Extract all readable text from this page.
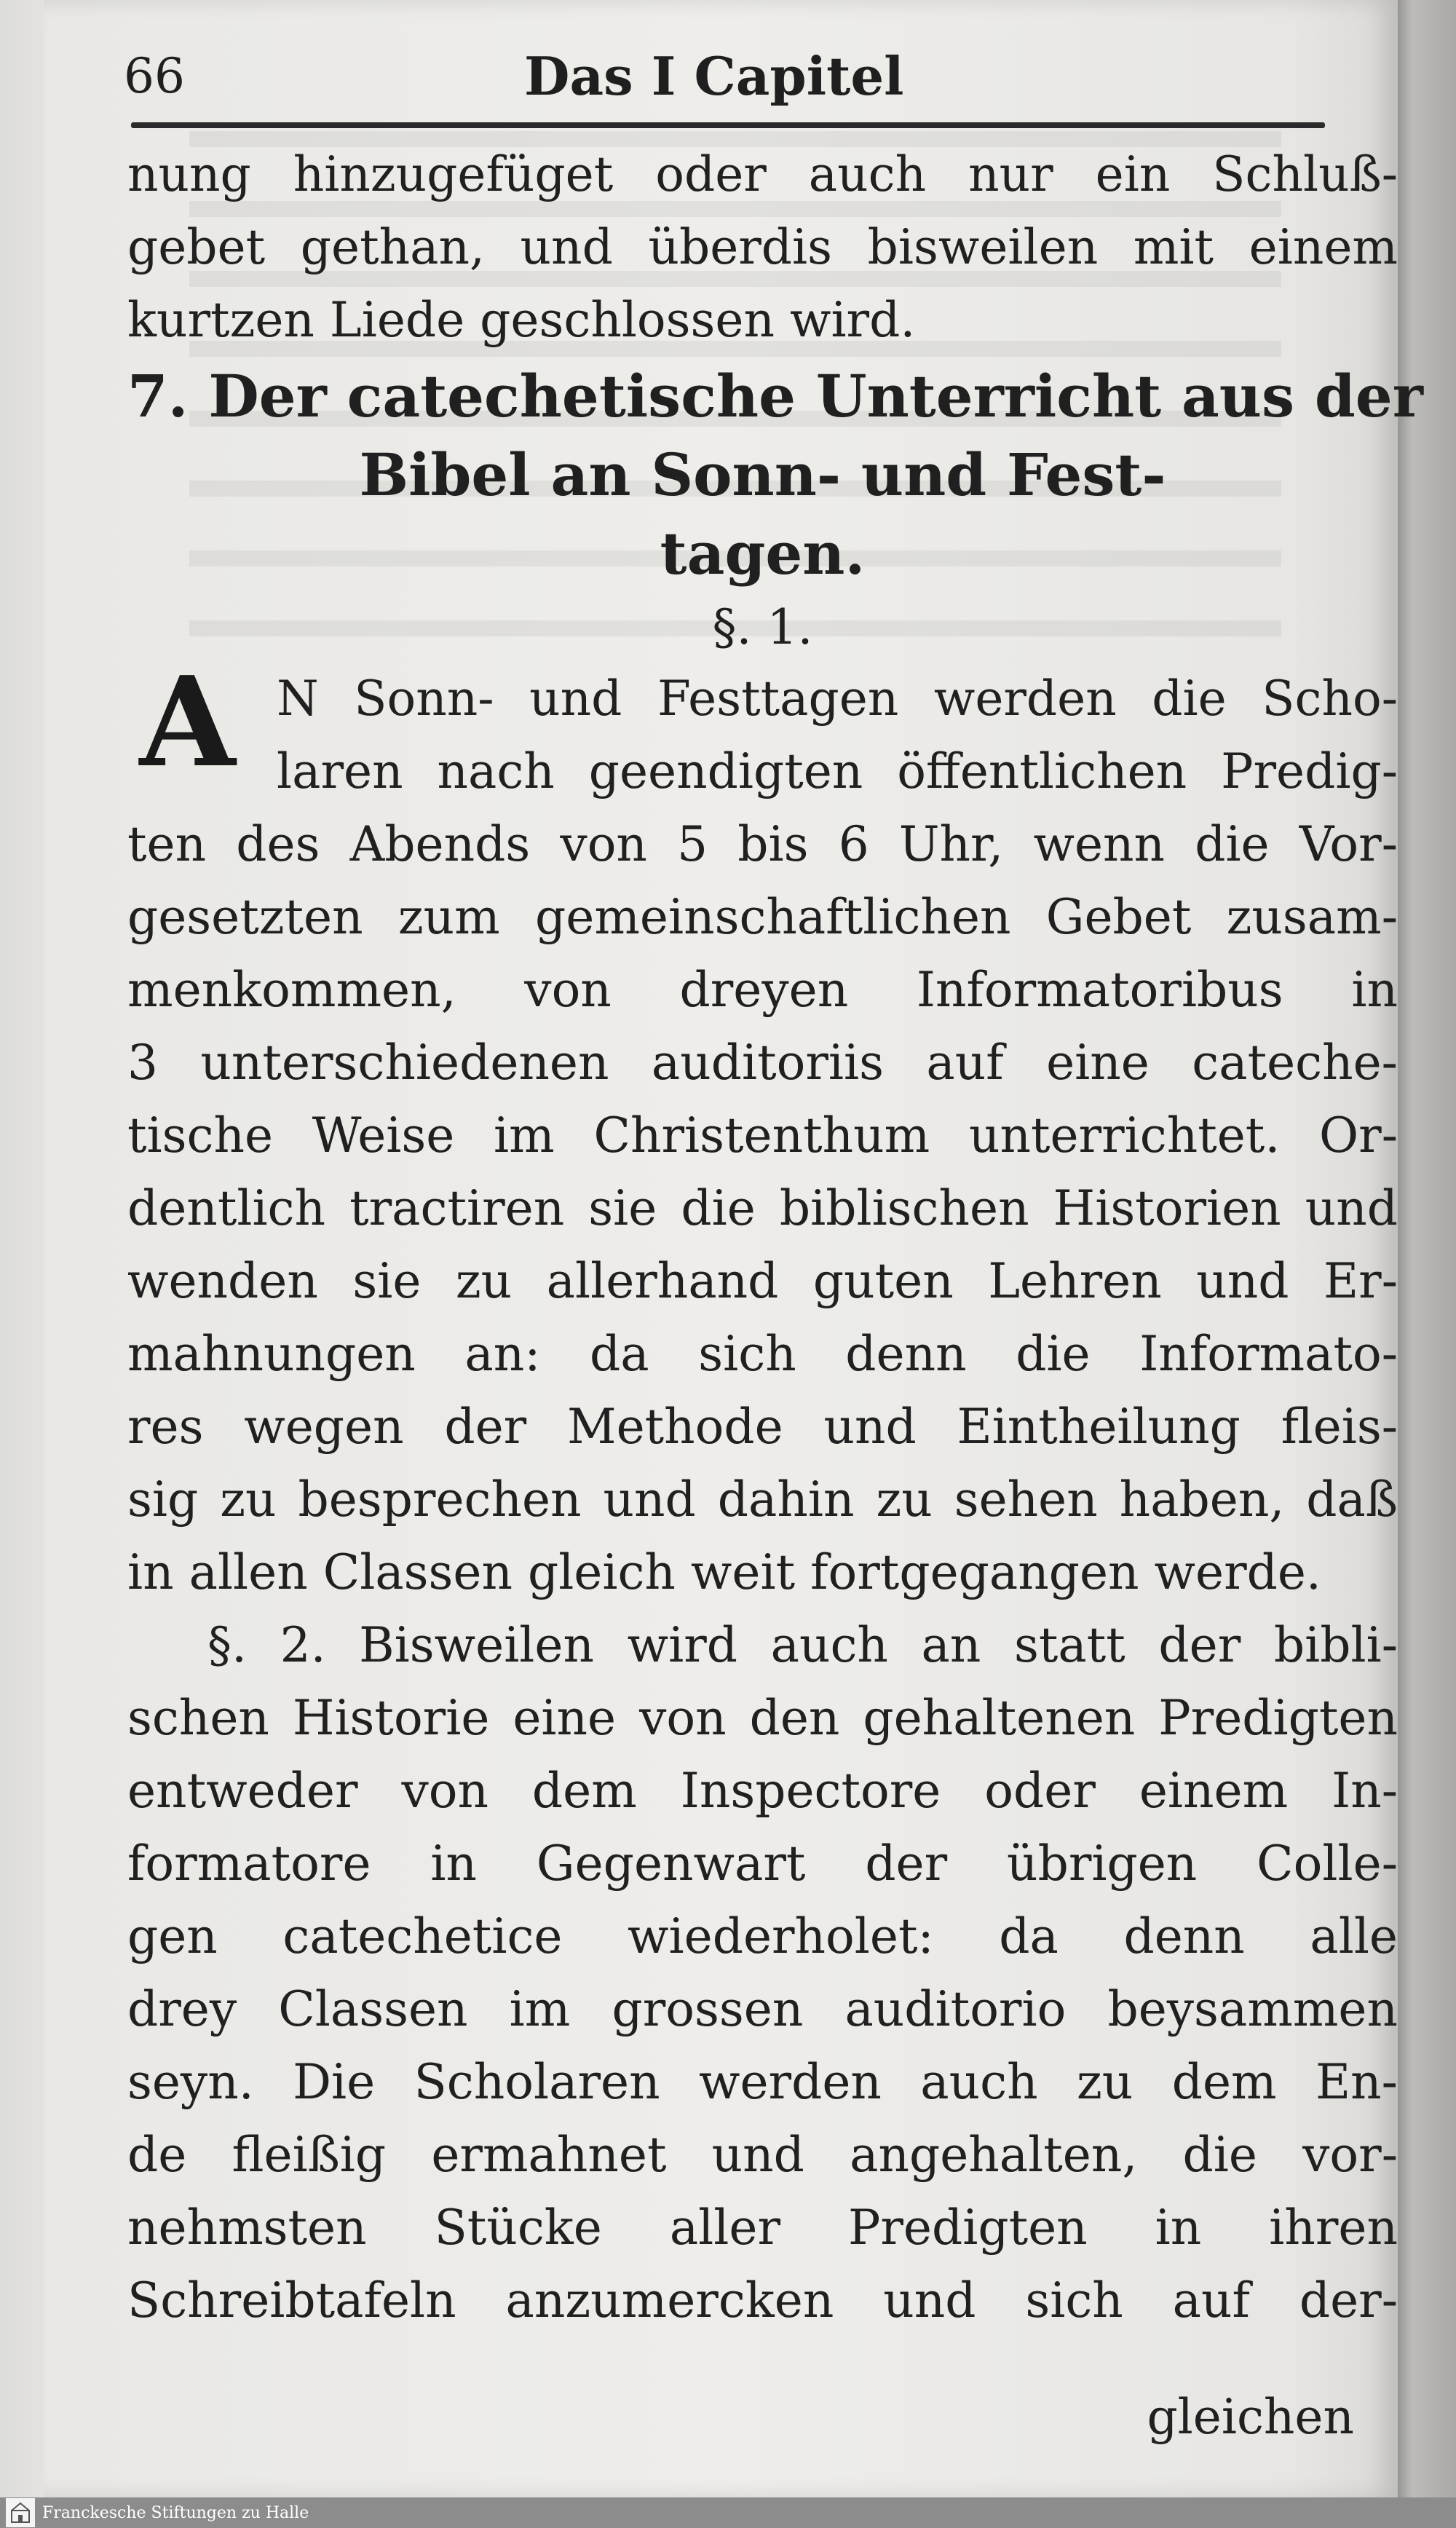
66	Das I Capitel
nung hinzugefüget oder auch nur ein Schluß-
gebet gethan, und überdis bisweilen mit einem
kurtzen Liede geschlossen wird.
7. Der catechetische Unterricht aus der
Bibel an Sonn- und Fest-
tagen.
§. 1.
A N Sonn- und Festtagen werden die Scho-
laren nach geendigten öffentlichen Predig-
ten des Abends von 5 bis 6 Uhr, wenn die Vor-
gesetzten zum gemeinschaftlichen Gebet zusam-
menkommen, von dreyen Informatoribus in
3 unterschiedenen auditoriis auf eine cateche-
tische Weise im Christenthum unterrichtet. Or-
dentlich tractiren sie die biblischen Historien und
wenden sie zu allerhand guten Lehren und Er-
mahnungen an: da sich denn die Informato-
res wegen der Methode und Eintheilung fleis-
sig zu besprechen und dahin zu sehen haben, daß
in allen Classen gleich weit fortgegangen werde.
§. 2. Bisweilen wird auch an statt der bibli-
schen Historie eine von den gehaltenen Predigten
entweder von dem Inspectore oder einem In-
formatore in Gegenwart der übrigen Colle-
gen catechetice wiederholet: da denn alle
drey Classen im grossen auditorio beysammen
seyn. Die Scholaren werden auch zu dem En-
de fleißig ermahnet und angehalten, die vor-
nehmsten Stücke aller Predigten in ihren
Schreibtafeln anzumercken und sich auf der-
gleichen
Franckesche Stiftungen zu Halle
